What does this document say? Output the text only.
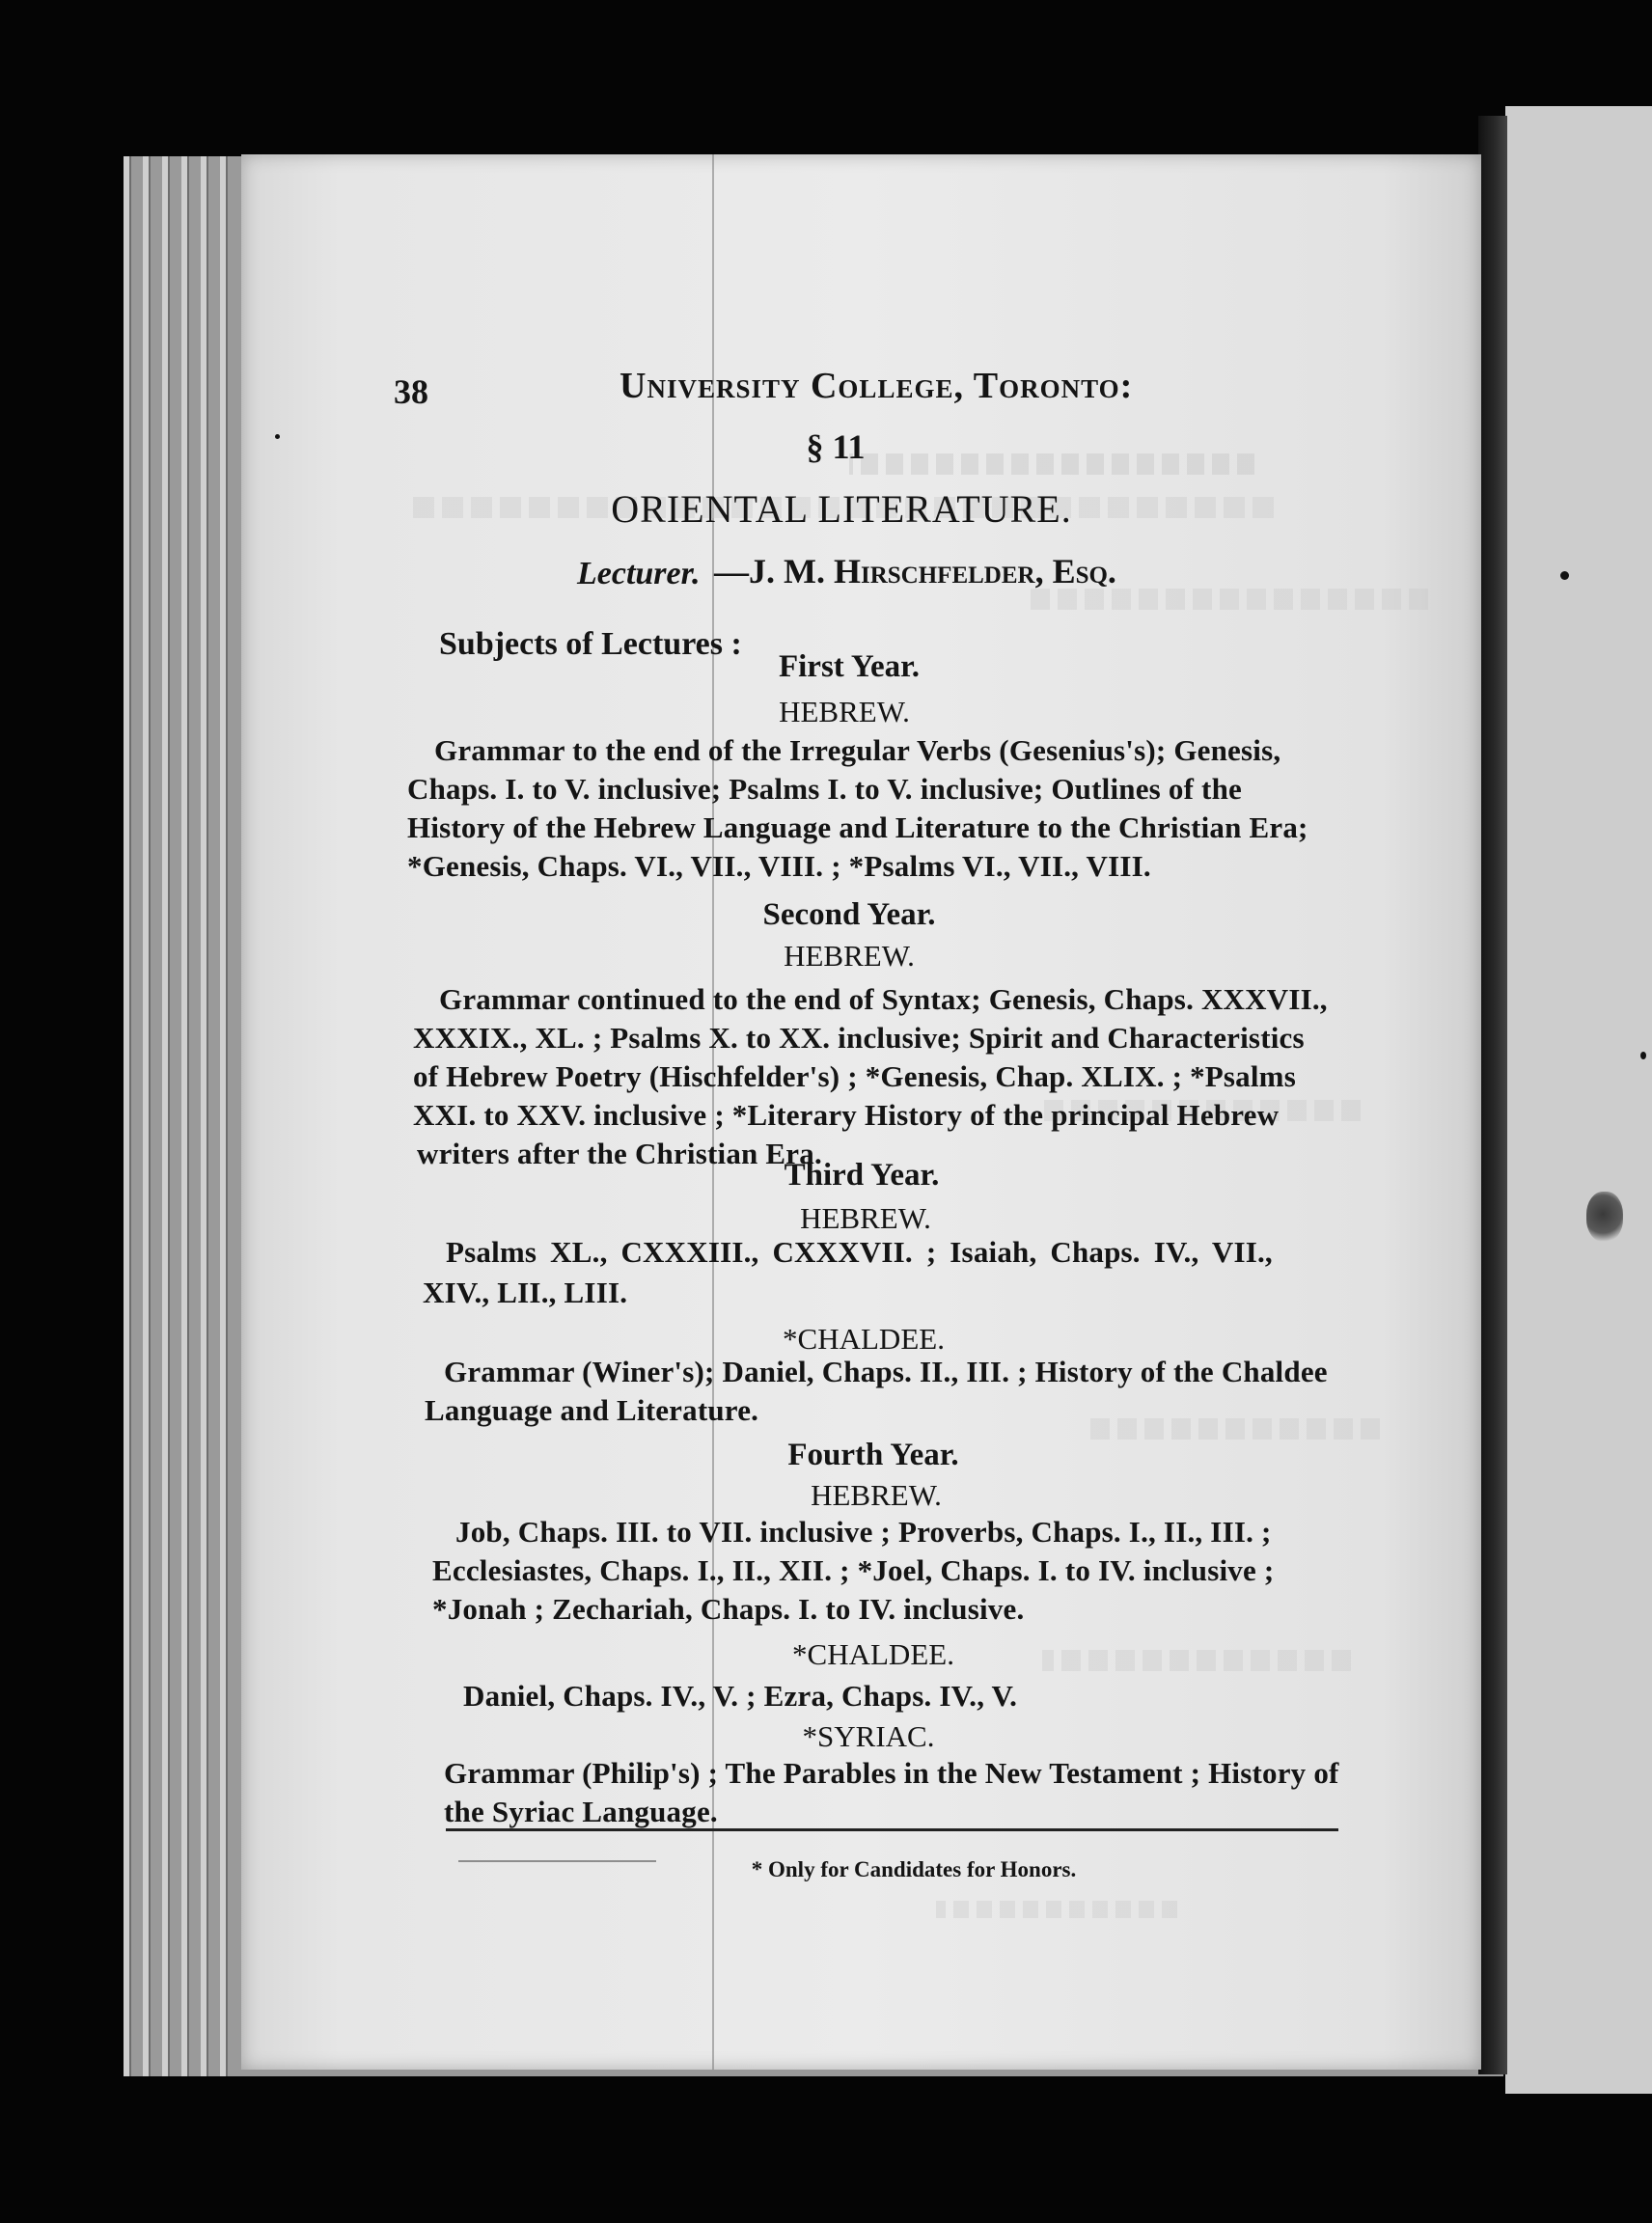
38	University College, Toronto:
§ 11
ORIENTAL LITERATURE.
Lecturer. —J. M. Hirschfelder, Esq.
Subjects of Lectures :
First Year.
HEBREW.
Grammar to the end of the Irregular Verbs (Gesenius's); Genesis,
Chaps. I. to V. inclusive; Psalms I. to V. inclusive; Outlines of the
History of the Hebrew Language and Literature to the Christian Era;
*Genesis, Chaps. VI., VII., VIII. ; *Psalms VI., VII., VIII.
Second Year.
HEBREW.
Grammar continued to the end of Syntax; Genesis, Chaps. XXXVII.,
XXXIX., XL. ; Psalms X. to XX. inclusive; Spirit and Characteristics
of Hebrew Poetry (Hischfelder's) ; *Genesis, Chap. XLIX. ; *Psalms
XXI. to XXV. inclusive ; *Literary History of the principal Hebrew
writers after the Christian Era.
Third Year.
HEBREW.
Psalms XL., CXXXIII., CXXXVII. ; Isaiah, Chaps. IV., VII.,
XIV., LII., LIII.
*CHALDEE.
Grammar (Winer's); Daniel, Chaps. II., III. ; History of the Chaldee
Language and Literature.
Fourth Year.
HEBREW.
Job, Chaps. III. to VII. inclusive ; Proverbs, Chaps. I., II., III. ;
Ecclesiastes, Chaps. I., II., XII. ; *Joel, Chaps. I. to IV. inclusive ;
*Jonah ; Zechariah, Chaps. I. to IV. inclusive.
*CHALDEE.
Daniel, Chaps. IV., V. ; Ezra, Chaps. IV., V.
*SYRIAC.
Grammar (Philip's) ; The Parables in the New Testament ; History of
the Syriac Language.
* Only for Candidates for Honors.
